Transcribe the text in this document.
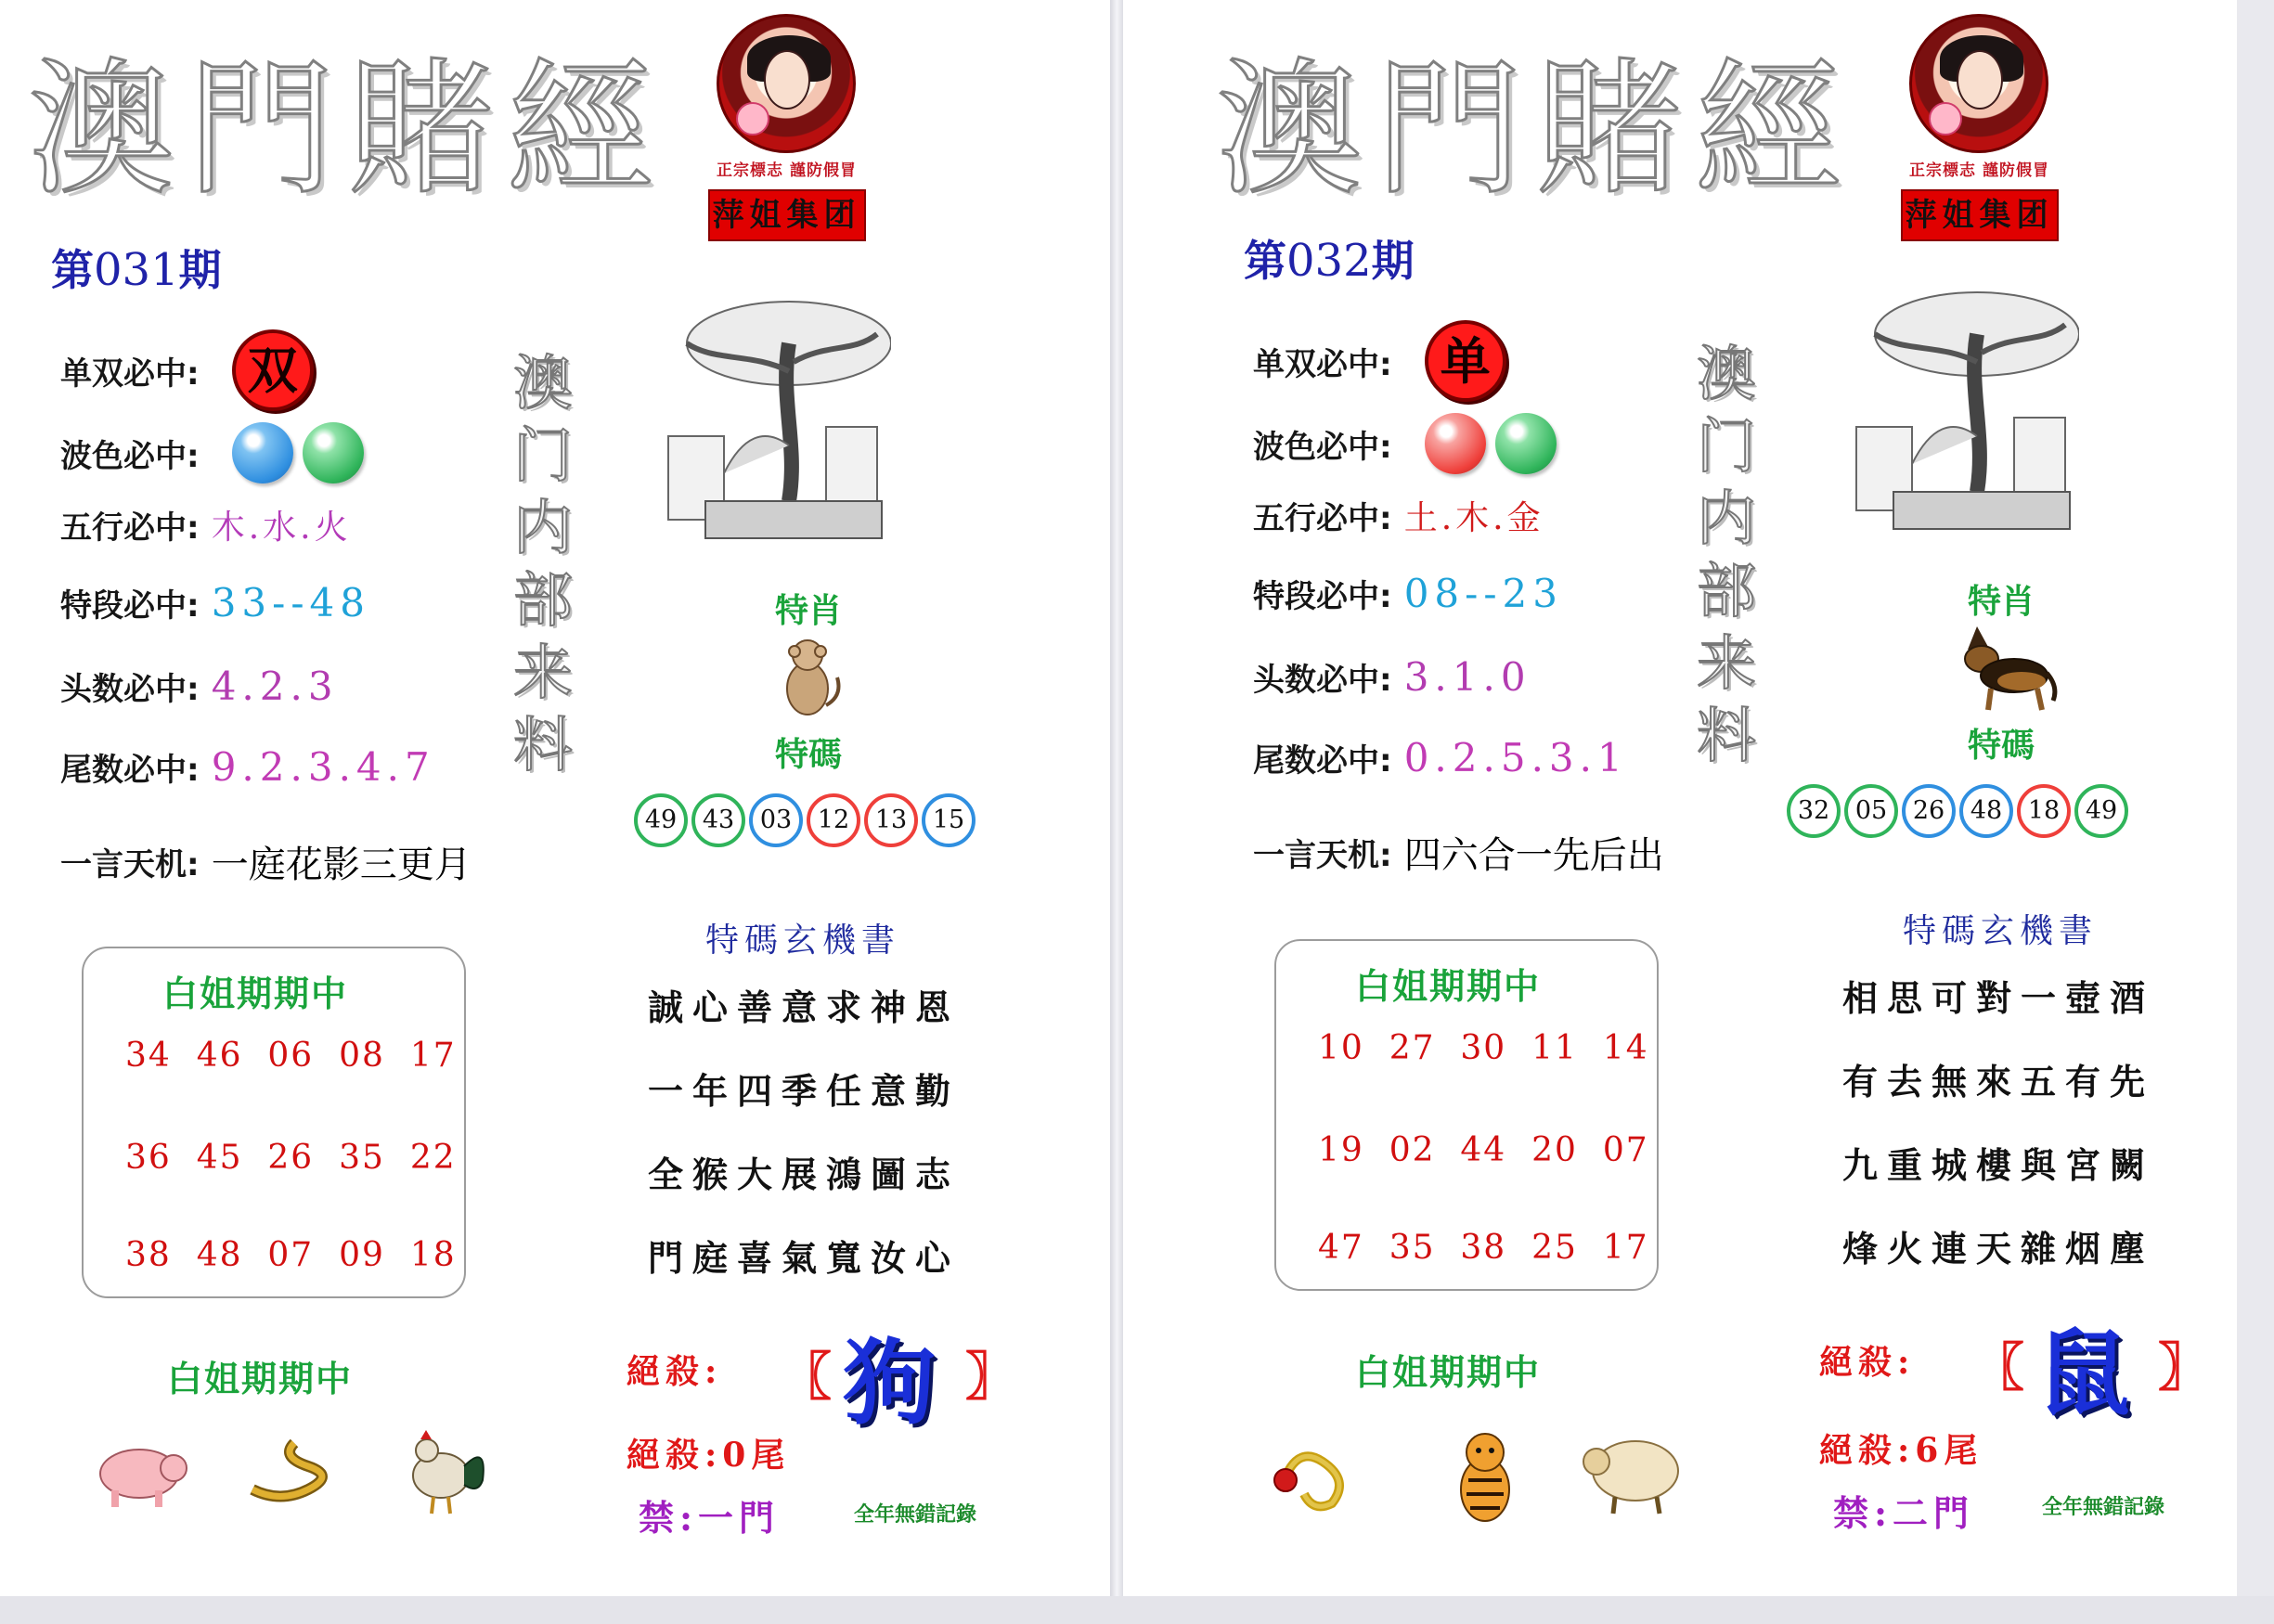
澳門賭經	正宗標志 謹防假冒
萍姐集团
第031期
单双必中: 双
波色必中:
五行必中: 木.水.火
特段必中: 33--48
头数必中: 4.2.3
尾数必中: 9.2.3.4.7
一言天机: 一庭花影三更月
澳
门
内
部
来
料
特肖
特碼
49 43 03 12 13 15
白姐期期中
34 46 06 08 17
36 45 26 35 22
38 48 07 09 18
特碼玄機書
誠心善意求神恩
一年四季任意勤
全猴大展鴻圖志
門庭喜氣寬汝心
白姐期期中	絕殺: 〖 狗 〗
絕殺:0尾
禁:一門	全年無錯記錄
澳門賭經	正宗標志 謹防假冒
萍姐集团
第032期
单双必中: 单
波色必中:
五行必中: 土.木.金
特段必中: 08--23
头数必中: 3.1.0
尾数必中: 0.2.5.3.1
一言天机: 四六合一先后出
澳
门
内
部
来
料
特肖
特碼
32 05 26 48 18 49
白姐期期中
10 27 30 11 14
19 02 44 20 07
47 35 38 25 17
特碼玄機書
相思可對一壺酒
有去無來五有先
九重城樓與宮闕
烽火連天雜烟塵
白姐期期中	絕殺: 〖 鼠 〗
絕殺:6尾
禁:二門	全年無錯記錄
